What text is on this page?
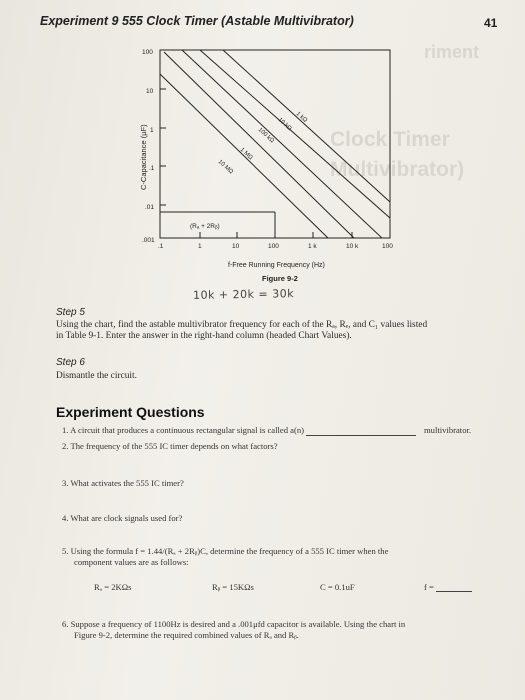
riment
Clock Timer
Multivibrator)
Experiment 9 555 Clock Timer (Astable Multivibrator)	41
C-Capacitance (µF)
100
10
1
.1
.01
.001
.1	1	10	100	1 k	10 k	100
1 kΩ
10 kΩ
100 kΩ
1 MΩ
10 MΩ
(Rₐ + 2Rᵦ)
f-Free Running Frequency (Hz)
Figure 9-2
10k + 20k = 30k
Step 5
Using the chart, find the astable multivibrator frequency for each of the Rₐ, Rₑ, and C₁ values listed
in Table 9-1. Enter the answer in the right-hand column (headed Chart Values).
Step 6
Dismantle the circuit.
Experiment Questions
1. A circuit that produces a continuous rectangular signal is called a(n)	multivibrator.
2. The frequency of the 555 IC timer depends on what factors?
3. What activates the 555 IC timer?
4. What are clock signals used for?
5. Using the formula f = 1.44/(Rₐ + 2Rᵦ)C, determine the frequency of a 555 IC timer when the
component values are as follows:
Rₐ = 2KΩs	Rᵦ = 15KΩs	C = 0.1uF	f =
6. Suppose a frequency of 1100Hz is desired and a .001μfd capacitor is available. Using the chart in
Figure 9-2, determine the required combined values of Rₐ and Rᵦ.
